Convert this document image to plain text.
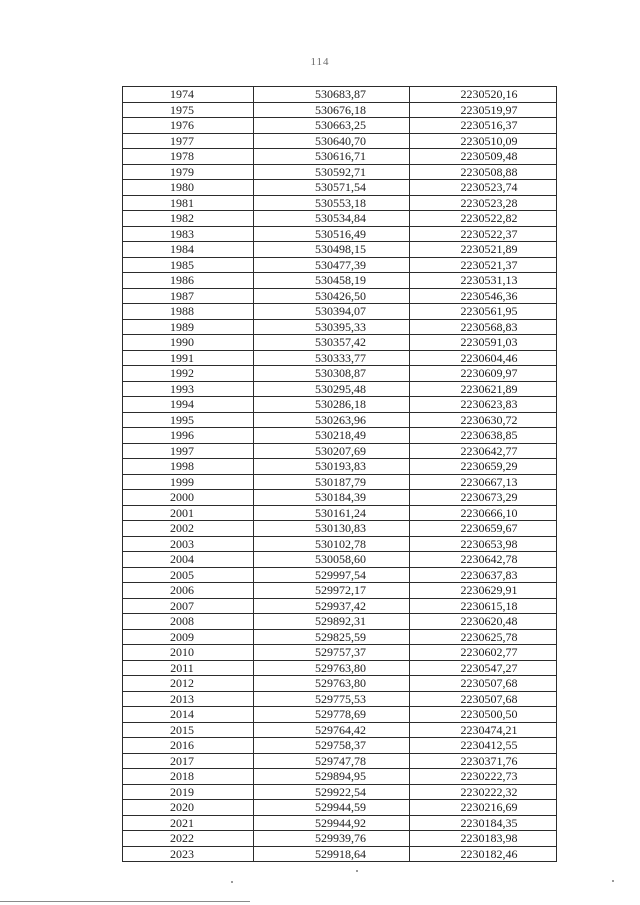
114
1974	530683,87	2230520,16
1975	530676,18	2230519,97
1976	530663,25	2230516,37
1977	530640,70	2230510,09
1978	530616,71	2230509,48
1979	530592,71	2230508,88
1980	530571,54	2230523,74
1981	530553,18	2230523,28
1982	530534,84	2230522,82
1983	530516,49	2230522,37
1984	530498,15	2230521,89
1985	530477,39	2230521,37
1986	530458,19	2230531,13
1987	530426,50	2230546,36
1988	530394,07	2230561,95
1989	530395,33	2230568,83
1990	530357,42	2230591,03
1991	530333,77	2230604,46
1992	530308,87	2230609,97
1993	530295,48	2230621,89
1994	530286,18	2230623,83
1995	530263,96	2230630,72
1996	530218,49	2230638,85
1997	530207,69	2230642,77
1998	530193,83	2230659,29
1999	530187,79	2230667,13
2000	530184,39	2230673,29
2001	530161,24	2230666,10
2002	530130,83	2230659,67
2003	530102,78	2230653,98
2004	530058,60	2230642,78
2005	529997,54	2230637,83
2006	529972,17	2230629,91
2007	529937,42	2230615,18
2008	529892,31	2230620,48
2009	529825,59	2230625,78
2010	529757,37	2230602,77
2011	529763,80	2230547,27
2012	529763,80	2230507,68
2013	529775,53	2230507,68
2014	529778,69	2230500,50
2015	529764,42	2230474,21
2016	529758,37	2230412,55
2017	529747,78	2230371,76
2018	529894,95	2230222,73
2019	529922,54	2230222,32
2020	529944,59	2230216,69
2021	529944,92	2230184,35
2022	529939,76	2230183,98
2023	529918,64	2230182,46
